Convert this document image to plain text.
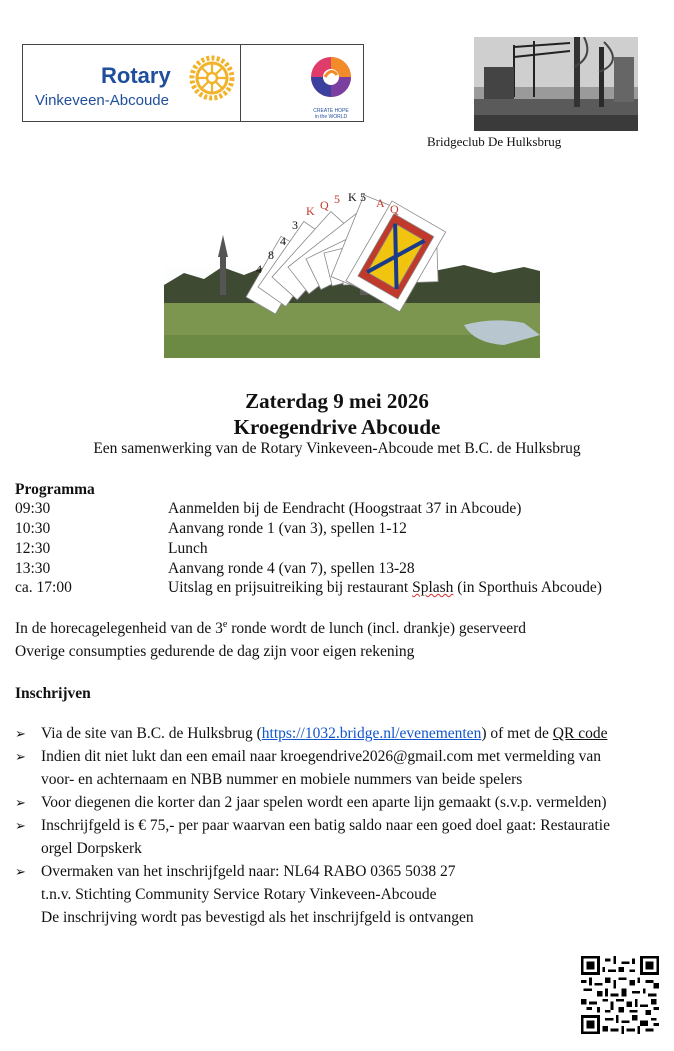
Rotary
Vinkeveen-Abcoude
CREATE HOPE
in the WORLD
Bridgeclub De Hulksbrug
4
8
4
3
K Q 5 K 5 A Q
Zaterdag 9 mei 2026
Kroegendrive Abcoude
Een samenwerking van de Rotary Vinkeveen-Abcoude met B.C. de Hulksbrug
Programma
09:30	Aanmelden bij de Eendracht (Hoogstraat 37 in Abcoude)
10:30	Aanvang ronde 1 (van 3), spellen 1-12
12:30	Lunch
13:30	Aanvang ronde 4 (van 7), spellen 13-28
ca. 17:00	Uitslag en prijsuitreiking bij restaurant Splash (in Sporthuis Abcoude)
In de horecagelegenheid van de 3e ronde wordt de lunch (incl. drankje) geserveerd
Overige consumpties gedurende de dag zijn voor eigen rekening
Inschrijven
➢ Via de site van B.C. de Hulksbrug (https://1032.bridge.nl/evenementen) of met de QR code
➢ Indien dit niet lukt dan een email naar kroegendrive2026@gmail.com met vermelding van
voor- en achternaam en NBB nummer en mobiele nummers van beide spelers
➢ Voor diegenen die korter dan 2 jaar spelen wordt een aparte lijn gemaakt (s.v.p. vermelden)
➢ Inschrijfgeld is € 75,- per paar waarvan een batig saldo naar een goed doel gaat: Restauratie
orgel Dorpskerk
➢ Overmaken van het inschrijfgeld naar: NL64 RABO 0365 5038 27
t.n.v. Stichting Community Service Rotary Vinkeveen-Abcoude
De inschrijving wordt pas bevestigd als het inschrijfgeld is ontvangen
